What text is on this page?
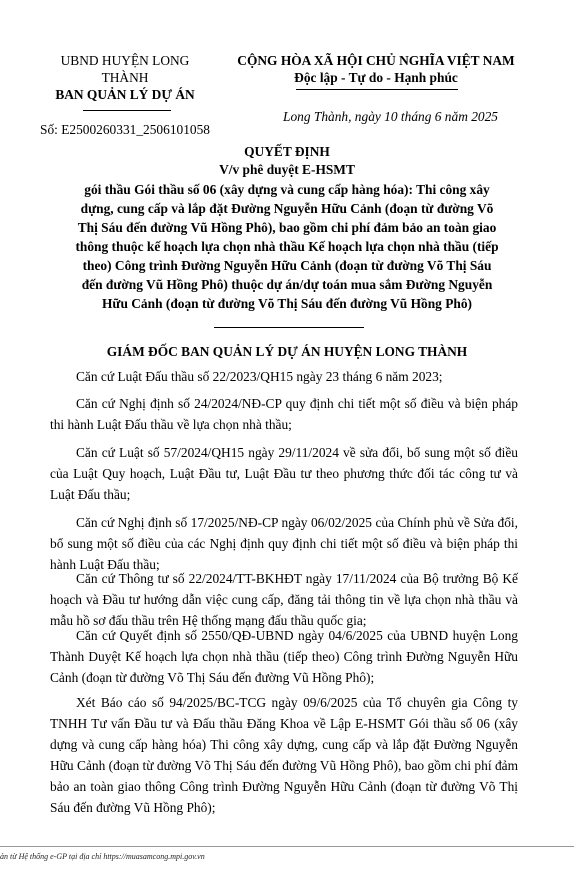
UBND HUYỆN LONG
THÀNH
BAN QUẢN LÝ DỰ ÁN
CỘNG HÒA XÃ HỘI CHỦ NGHĨA VIỆT NAM
Độc lập - Tự do - Hạnh phúc
Số: E2500260331_2506101058
Long Thành, ngày 10 tháng 6 năm 2025
QUYẾT ĐỊNH
V/v phê duyệt E-HSMT
gói thầu Gói thầu số 06 (xây dựng và cung cấp hàng hóa): Thi công xây
dựng, cung cấp và lắp đặt Đường Nguyễn Hữu Cảnh (đoạn từ đường Võ
Thị Sáu đến đường Vũ Hồng Phô), bao gồm chi phí đảm bảo an toàn giao
thông thuộc kế hoạch lựa chọn nhà thầu Kế hoạch lựa chọn nhà thầu (tiếp
theo) Công trình Đường Nguyễn Hữu Cảnh (đoạn từ đường Võ Thị Sáu
đến đường Vũ Hồng Phô) thuộc dự án/dự toán mua sắm Đường Nguyễn
Hữu Cảnh (đoạn từ đường Võ Thị Sáu đến đường Vũ Hồng Phô)
GIÁM ĐỐC BAN QUẢN LÝ DỰ ÁN HUYỆN LONG THÀNH

Căn cứ Luật Đấu thầu số 22/2023/QH15 ngày 23 tháng 6 năm 2023;

Căn cứ Nghị định số 24/2024/NĐ-CP quy định chi tiết một số điều và biện pháp thi hành Luật Đấu thầu về lựa chọn nhà thầu;

Căn cứ Luật số 57/2024/QH15 ngày 29/11/2024 về sửa đổi, bổ sung một số điều của Luật Quy hoạch, Luật Đầu tư, Luật Đầu tư theo phương thức đối tác công tư và Luật Đấu thầu;

Căn cứ Nghị định số 17/2025/NĐ-CP ngày 06/02/2025 của Chính phủ về Sửa đổi, bổ sung một số điều của các Nghị định quy định chi tiết một số điều và biện pháp thi hành Luật Đấu thầu;

Căn cứ Thông tư số 22/2024/TT-BKHĐT ngày 17/11/2024 của Bộ trưởng Bộ Kế hoạch và Đầu tư hướng dẫn việc cung cấp, đăng tải thông tin về lựa chọn nhà thầu và mẫu hồ sơ đấu thầu trên Hệ thống mạng đấu thầu quốc gia;

Căn cứ Quyết định số 2550/QĐ-UBND ngày 04/6/2025 của UBND huyện Long Thành Duyệt Kế hoạch lựa chọn nhà thầu (tiếp theo) Công trình Đường Nguyễn Hữu Cảnh (đoạn từ đường Võ Thị Sáu đến đường Vũ Hồng Phô);

Xét Báo cáo số 94/2025/BC-TCG ngày 09/6/2025 của Tổ chuyên gia Công ty TNHH Tư vấn Đầu tư và Đấu thầu Đăng Khoa về Lập E-HSMT Gói thầu số 06 (xây dựng và cung cấp hàng hóa) Thi công xây dựng, cung cấp và lắp đặt Đường Nguyễn Hữu Cảnh (đoạn từ đường Võ Thị Sáu đến đường Vũ Hồng Phô), bao gồm chi phí đảm bảo an toàn giao thông Công trình Đường Nguyễn Hữu Cảnh (đoạn từ đường Võ Thị Sáu đến đường Vũ Hồng Phô);

ản từ Hệ thống e-GP tại địa chỉ https://muasamcong.mpi.gov.vn
